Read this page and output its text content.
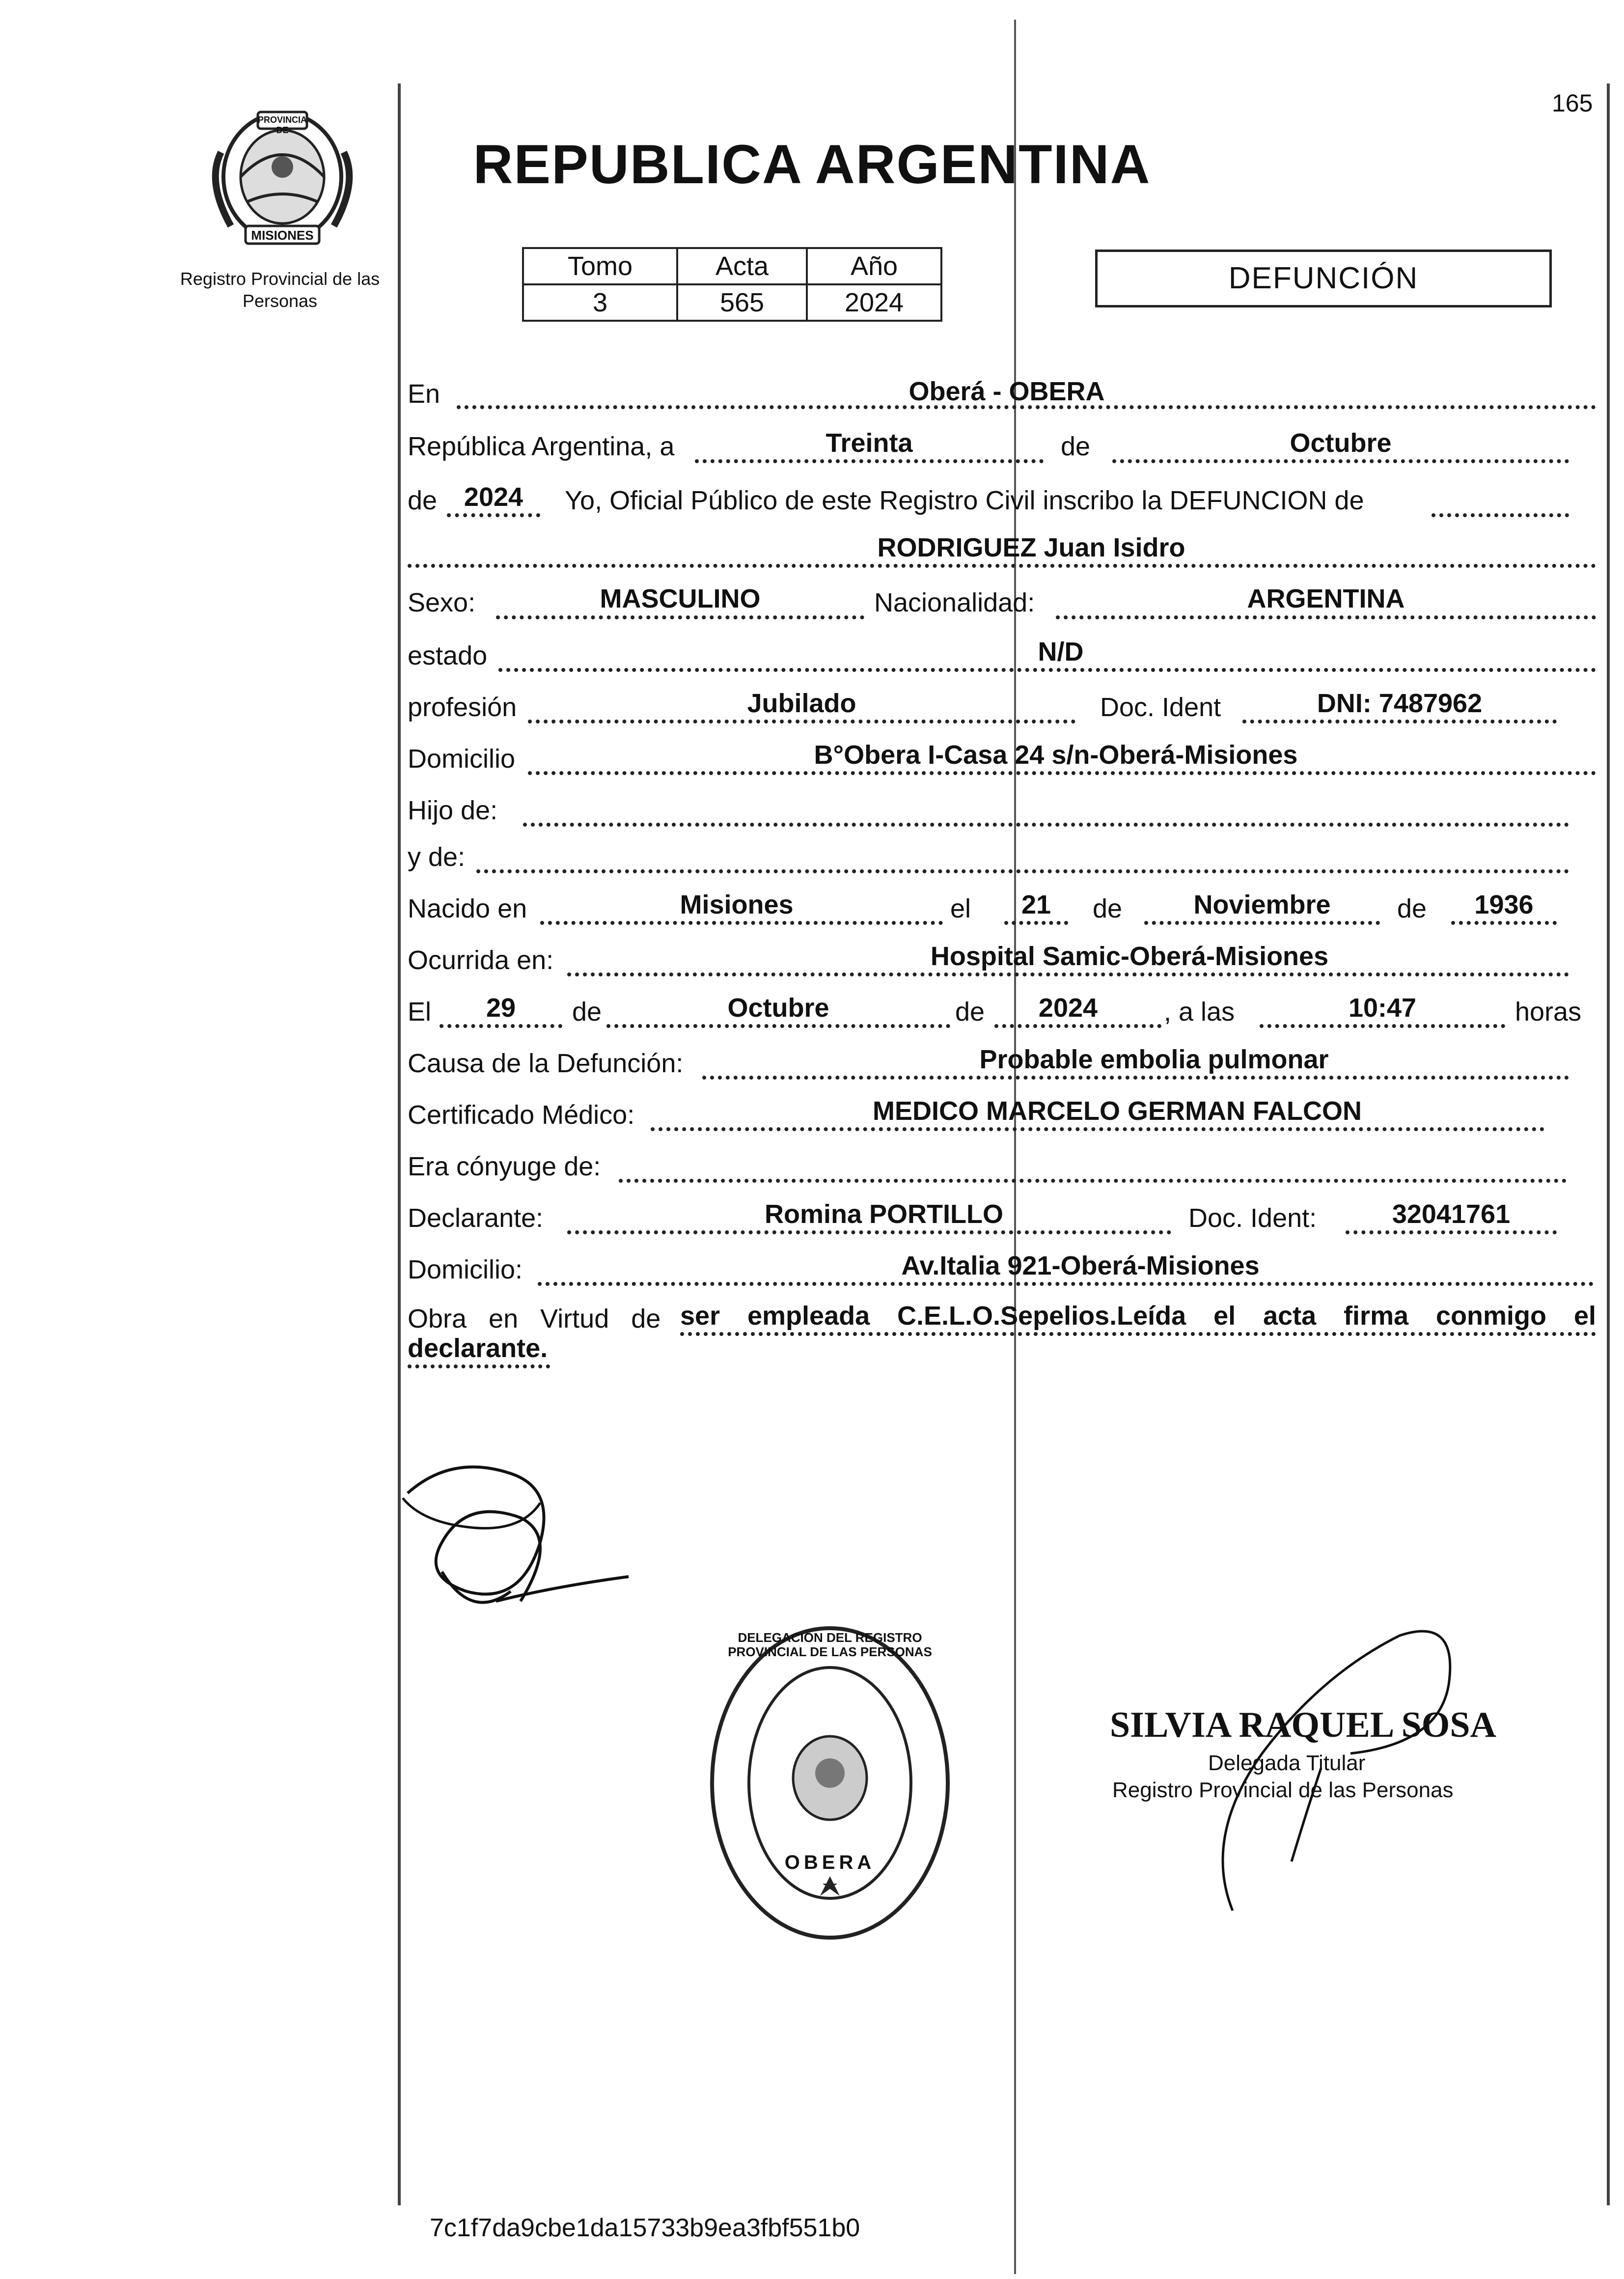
165
PROVINCIA DE
MISIONES
Registro Provincial de las Personas
REPUBLICA ARGENTINA
Tomo	Acta	Año
3	565	2024
DEFUNCIÓN
En	Oberá - OBERA
República Argentina, a	Treinta	de	Octubre
de	2024	Yo, Oficial Público de este Registro Civil inscribo la DEFUNCION de
RODRIGUEZ Juan Isidro
Sexo:	MASCULINO	Nacionalidad:	ARGENTINA
estado	N/D
profesión	Jubilado	Doc. Ident	DNI: 7487962
Domicilio	B°Obera I-Casa 24 s/n-Oberá-Misiones
Hijo de:
y de:
Nacido en	Misiones	el	21	de	Noviembre	de	1936
Ocurrida en:	Hospital Samic-Oberá-Misiones
El	29	de	Octubre	de	2024	, a las	10:47	horas
Causa de la Defunción:	Probable embolia pulmonar
Certificado Médico:	MEDICO MARCELO GERMAN FALCON
Era cónyuge de:
Declarante:	Romina PORTILLO	Doc. Ident:	32041761
Domicilio:	Av.Italia 921-Oberá-Misiones
Obra   en   Virtud   de ser empleada C.E.L.O.Sepelios.Leída el acta firma conmigo el
declarante.
DELEGACION DEL REGISTRO PROVINCIAL DE LAS PERSONAS
OBERA
SILVIA RAQUEL SOSA
Delegada Titular
Registro Provincial de las Personas
7c1f7da9cbe1da15733b9ea3fbf551b0
